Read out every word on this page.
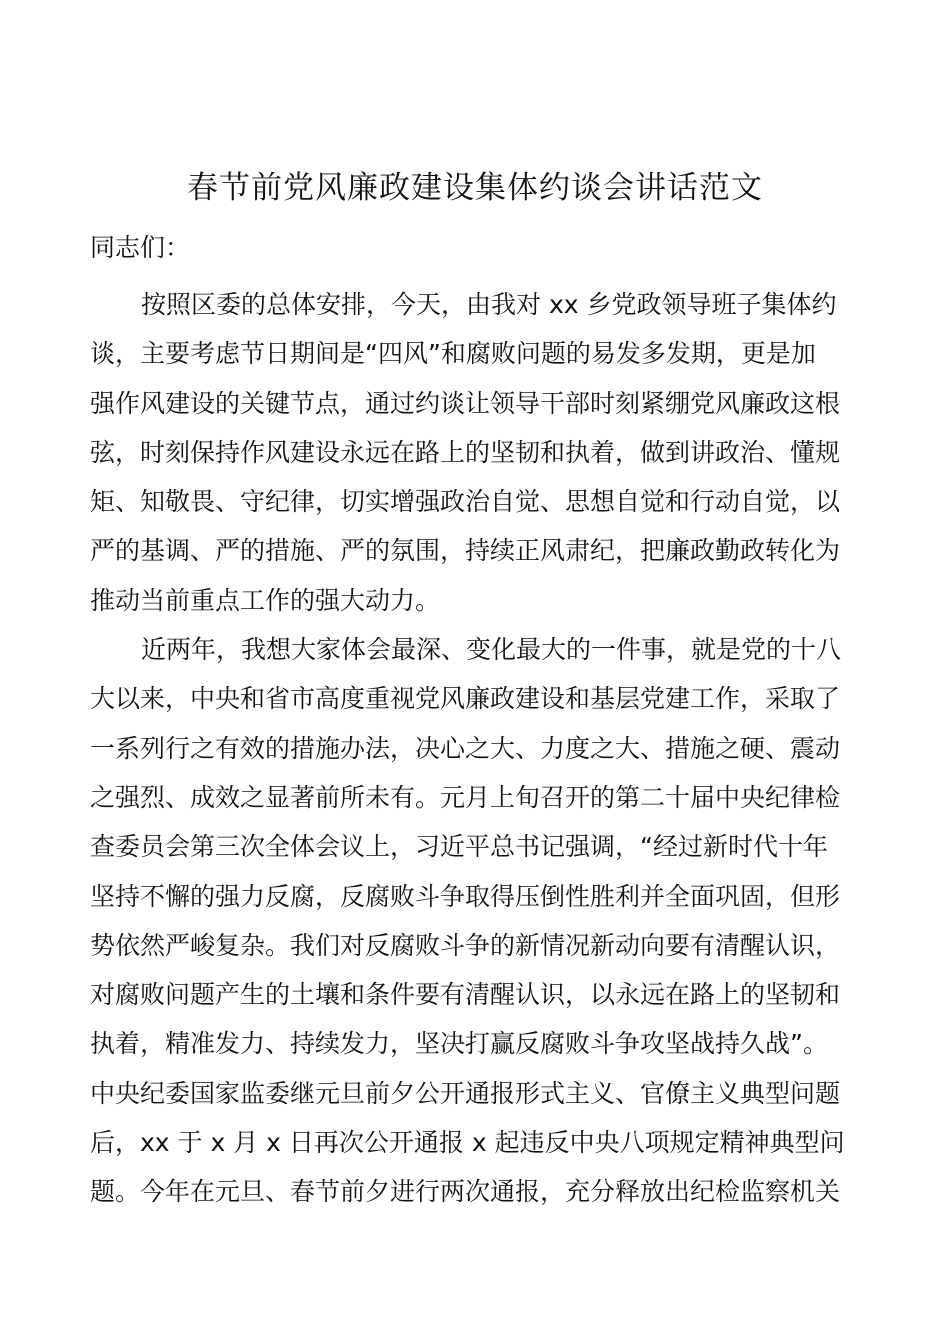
春节前党风廉政建设集体约谈会讲话范文

同志们：

按照区委的总体安排，今天，由我对 xx 乡党政领导班子集体约
谈，主要考虑节日期间是“四风”和腐败问题的易发多发期，更是加
强作风建设的关键节点，通过约谈让领导干部时刻紧绷党风廉政这根
弦，时刻保持作风建设永远在路上的坚韧和执着，做到讲政治、懂规
矩、知敬畏、守纪律，切实增强政治自觉、思想自觉和行动自觉，以
严的基调、严的措施、严的氛围，持续正风肃纪，把廉政勤政转化为
推动当前重点工作的强大动力。
近两年，我想大家体会最深、变化最大的一件事，就是党的十八
大以来，中央和省市高度重视党风廉政建设和基层党建工作，采取了
一系列行之有效的措施办法，决心之大、力度之大、措施之硬、震动
之强烈、成效之显著前所未有。元月上旬召开的第二十届中央纪律检
查委员会第三次全体会议上，习近平总书记强调，“经过新时代十年
坚持不懈的强力反腐，反腐败斗争取得压倒性胜利并全面巩固，但形
势依然严峻复杂。我们对反腐败斗争的新情况新动向要有清醒认识，
对腐败问题产生的土壤和条件要有清醒认识，以永远在路上的坚韧和
执着，精准发力、持续发力，坚决打赢反腐败斗争攻坚战持久战”。
中央纪委国家监委继元旦前夕公开通报形式主义、官僚主义典型问题
后，xx 于 x 月 x 日再次公开通报 x 起违反中央八项规定精神典型问
题。今年在元旦、春节前夕进行两次通报，充分释放出纪检监察机关
